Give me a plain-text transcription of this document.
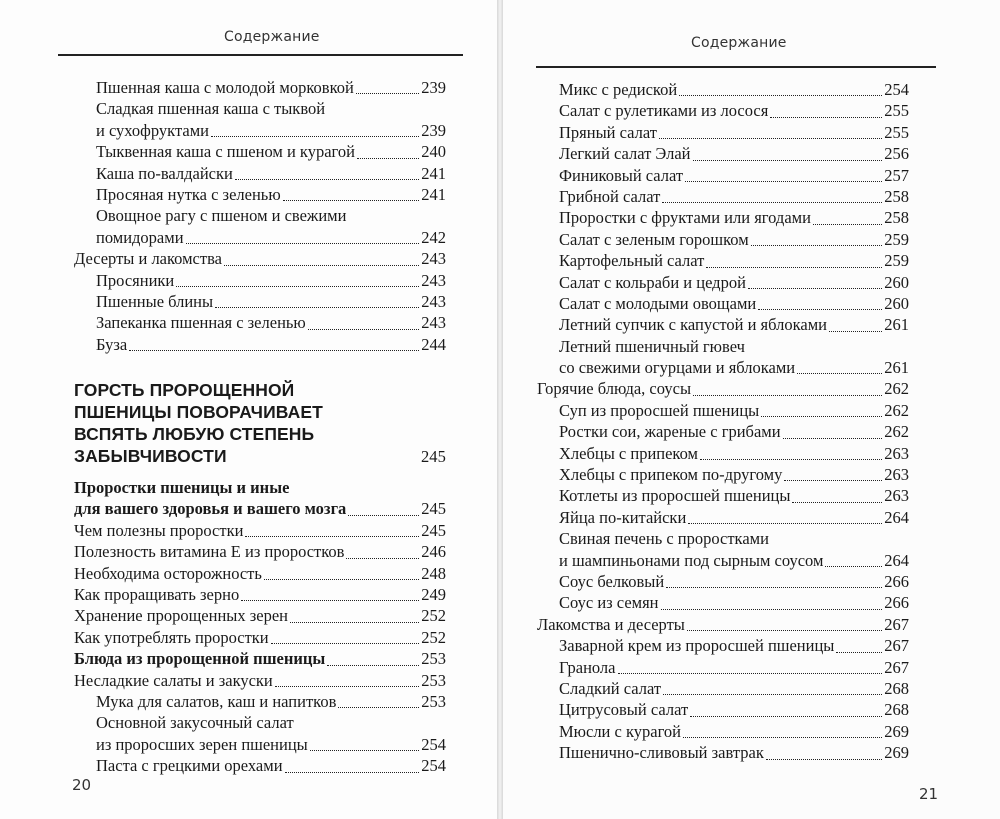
Содержание
Пшенная каша с молодой морковкой	239
Сладкая пшенная каша с тыквой
и сухофруктами	239
Тыквенная каша с пшеном и курагой	240
Каша по-валдайски	241
Просяная нутка с зеленью	241
Овощное рагу с пшеном и свежими
помидорами	242
Десерты и лакомства	243
Просяники	243
Пшенные блины	243
Запеканка пшенная с зеленью	243
Буза	244
ГОРСТЬ ПРОРОЩЕННОЙ
ПШЕНИЦЫ ПОВОРАЧИВАЕТ
ВСПЯТЬ ЛЮБУЮ СТЕПЕНЬ
ЗАБЫВЧИВОСТИ	245
Проростки пшеницы и иные
для вашего здоровья и вашего мозга	245
Чем полезны проростки	245
Полезность витамина Е из проростков	246
Необходима осторожность	248
Как проращивать зерно	249
Хранение пророщенных зерен	252
Как употреблять проростки	252
Блюда из пророщенной пшеницы	253
Несладкие салаты и закуски	253
Мука для салатов, каш и напитков	253
Основной закусочный салат
из проросших зерен пшеницы	254
Паста с грецкими орехами	254
20
Содержание
Микс с редиской	254
Салат с рулетиками из лосося	255
Пряный салат	255
Легкий салат Элай	256
Финиковый салат	257
Грибной салат	258
Проростки с фруктами или ягодами	258
Салат с зеленым горошком	259
Картофельный салат	259
Салат с кольраби и цедрой	260
Салат с молодыми овощами	260
Летний супчик с капустой и яблоками	261
Летний пшеничный гювеч
со свежими огурцами и яблоками	261
Горячие блюда, соусы	262
Суп из проросшей пшеницы	262
Ростки сои, жареные с грибами	262
Хлебцы с припеком	263
Хлебцы с припеком по-другому	263
Котлеты из проросшей пшеницы	263
Яйца по-китайски	264
Свиная печень с проростками
и шампиньонами под сырным соусом	264
Соус белковый	266
Соус из семян	266
Лакомства и десерты	267
Заварной крем из проросшей пшеницы	267
Гранола	267
Сладкий салат	268
Цитрусовый салат	268
Мюсли с курагой	269
Пшенично-сливовый завтрак	269
21
